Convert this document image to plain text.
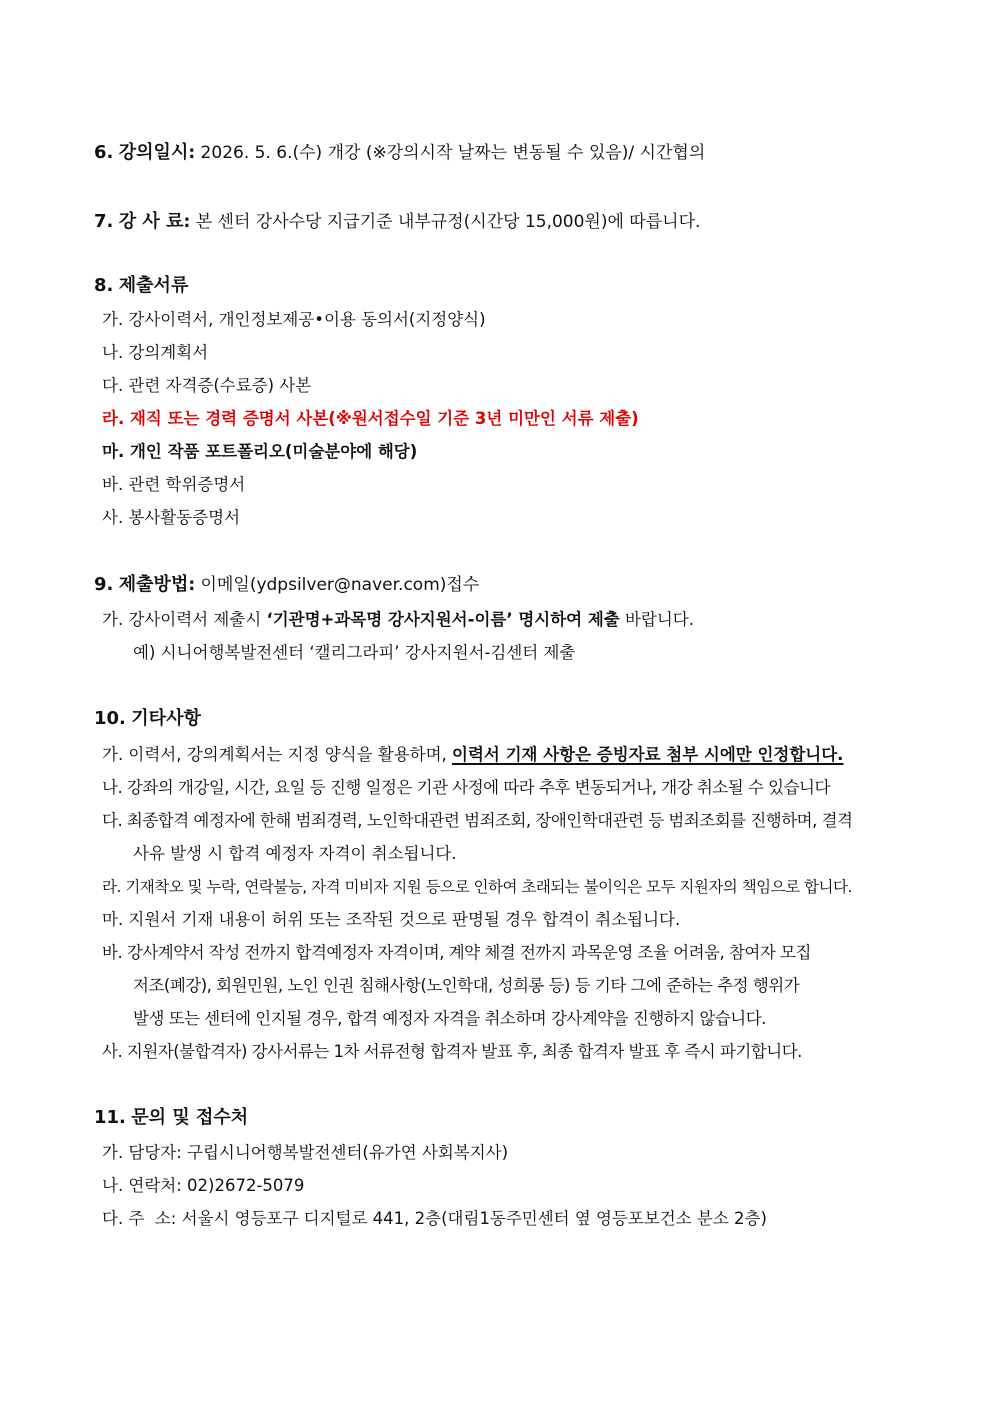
6. 강의일시: 2026. 5. 6.(수) 개강 (※강의시작 날짜는 변동될 수 있음)/ 시간협의
7. 강 사 료: 본 센터 강사수당 지급기준 내부규정(시간당 15,000원)에 따릅니다.
8. 제출서류
가. 강사이력서, 개인정보제공•이용 동의서(지정양식)
나. 강의계획서
다. 관련 자격증(수료증) 사본
라. 재직 또는 경력 증명서 사본(※원서접수일 기준 3년 미만인 서류 제출)
마. 개인 작품 포트폴리오(미술분야에 해당)
바. 관련 학위증명서
사. 봉사활동증명서
9. 제출방법: 이메일(ydpsilver@naver.com)접수
가. 강사이력서 제출시 ‘기관명+과목명 강사지원서-이름’ 명시하여 제출 바랍니다.
예) 시니어행복발전센터 ‘캘리그라피’ 강사지원서-김센터 제출
10. 기타사항
가. 이력서, 강의계획서는 지정 양식을 활용하며, 이력서 기재 사항은 증빙자료 첨부 시에만 인정합니다.
나. 강좌의 개강일, 시간, 요일 등 진행 일정은 기관 사정에 따라 추후 변동되거나, 개강 취소될 수 있습니다
다. 최종합격 예정자에 한해 범죄경력, 노인학대관련 범죄조회, 장애인학대관련 등 범죄조회를 진행하며, 결격
사유 발생 시 합격 예정자 자격이 취소됩니다.
라. 기재착오 및 누락, 연락불능, 자격 미비자 지원 등으로 인하여 초래되는 불이익은 모두 지원자의 책임으로 합니다.
마. 지원서 기재 내용이 허위 또는 조작된 것으로 판명될 경우 합격이 취소됩니다.
바. 강사계약서 작성 전까지 합격예정자 자격이며, 계약 체결 전까지 과목운영 조율 어려움, 참여자 모집
저조(폐강), 회원민원, 노인 인권 침해사항(노인학대, 성희롱 등) 등 기타 그에 준하는 추정 행위가
발생 또는 센터에 인지될 경우, 합격 예정자 자격을 취소하며 강사계약을 진행하지 않습니다.
사. 지원자(불합격자) 강사서류는 1차 서류전형 합격자 발표 후, 최종 합격자 발표 후 즉시 파기합니다.
11. 문의 및 접수처
가. 담당자: 구립시니어행복발전센터(유가연 사회복지사)
나. 연락처: 02)2672-5079
다. 주  소: 서울시 영등포구 디지털로 441, 2층(대림1동주민센터 옆 영등포보건소 분소 2층)
